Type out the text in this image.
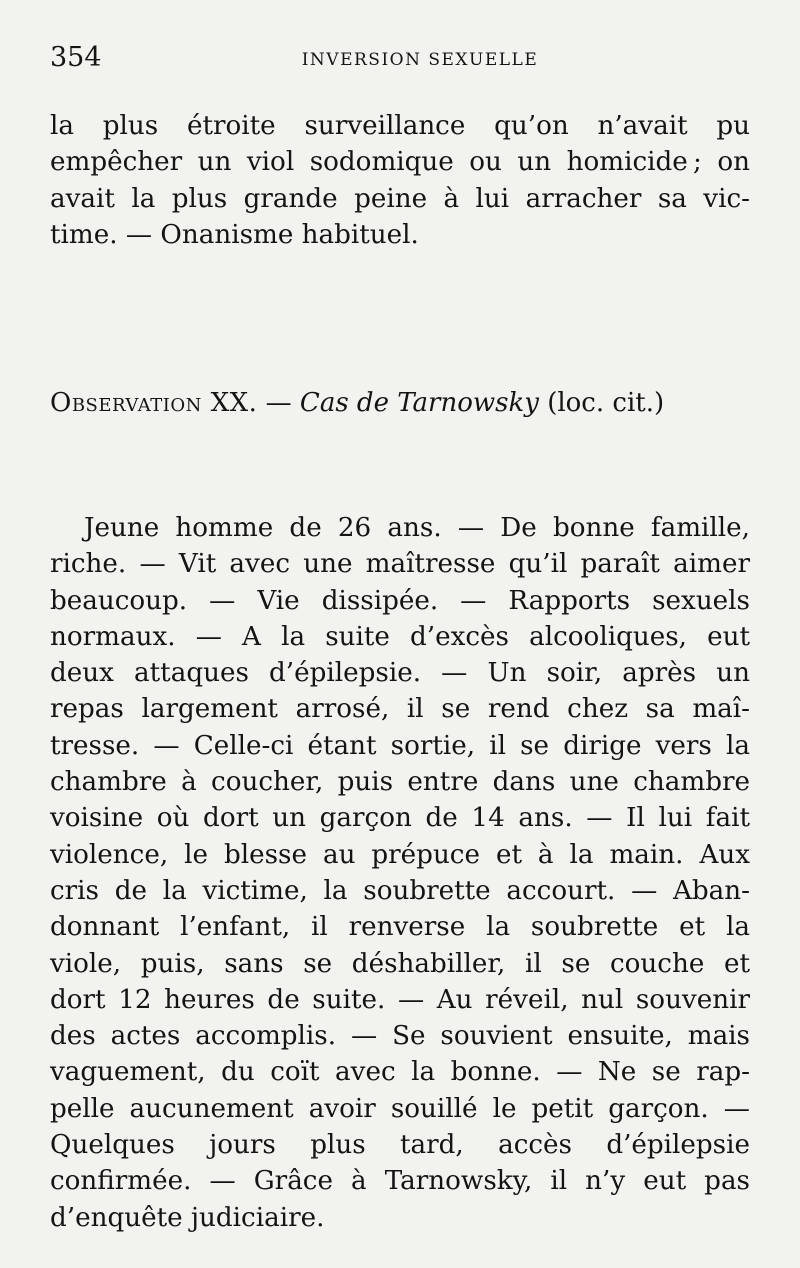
354	INVERSION SEXUELLE
la plus étroite surveillance qu’on n’avait pu
empêcher un viol sodomique ou un homicide ; on
avait la plus grande peine à lui arracher sa vic-
time. — Onanisme habituel.
Observation XX. — Cas de Tarnowsky (loc. cit.)
Jeune homme de 26 ans. — De bonne famille,
riche. — Vit avec une maîtresse qu’il paraît aimer
beaucoup. — Vie dissipée. — Rapports sexuels
normaux. — A la suite d’excès alcooliques, eut
deux attaques d’épilepsie. — Un soir, après un
repas largement arrosé, il se rend chez sa maî-
tresse. — Celle-ci étant sortie, il se dirige vers la
chambre à coucher, puis entre dans une chambre
voisine où dort un garçon de 14 ans. — Il lui fait
violence, le blesse au prépuce et à la main. Aux
cris de la victime, la soubrette accourt. — Aban-
donnant l’enfant, il renverse la soubrette et la
viole, puis, sans se déshabiller, il se couche et
dort 12 heures de suite. — Au réveil, nul souvenir
des actes accomplis. — Se souvient ensuite, mais
vaguement, du coït avec la bonne. — Ne se rap-
pelle aucunement avoir souillé le petit garçon. —
Quelques jours plus tard, accès d’épilepsie
confirmée. — Grâce à Tarnowsky, il n’y eut pas
d’enquête judiciaire.
